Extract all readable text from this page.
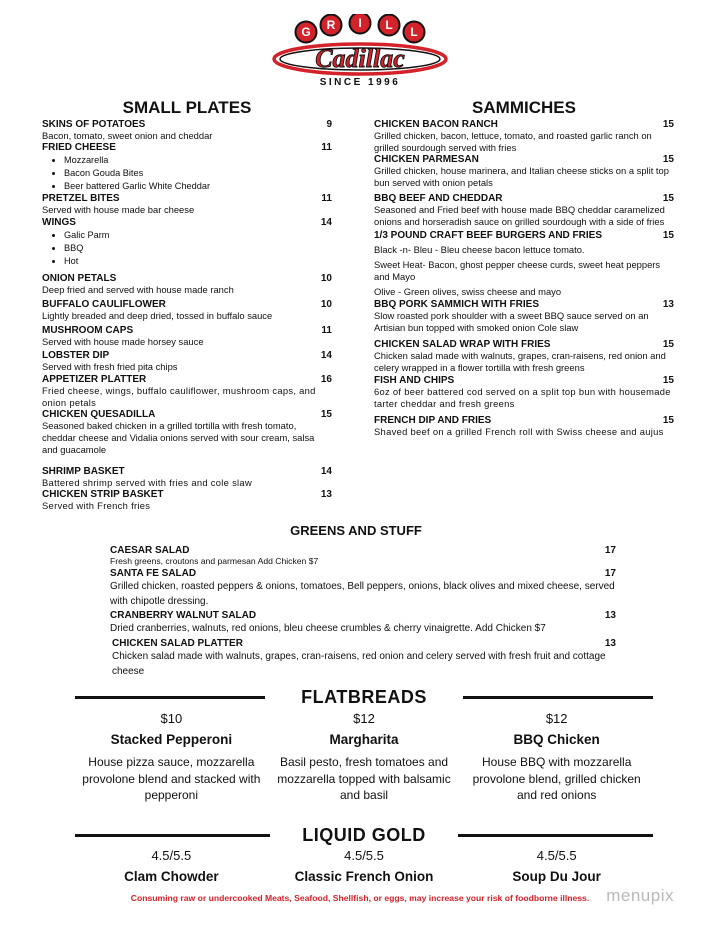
G R I L L
Cadillac
SINCE 1996
SMALL PLATES
SKINS OF POTATOES	9
Bacon, tomato, sweet onion and cheddar
FRIED CHEESE	11
• Mozzarella
• Bacon Gouda Bites
• Beer battered Garlic White Cheddar
PRETZEL BITES	11
Served with house made bar cheese
WINGS	14
• Galic Parm
• BBQ
• Hot
ONION PETALS	10
Deep fried and served with house made ranch
BUFFALO CAULIFLOWER	10
Lightly breaded and deep dried, tossed in buffalo sauce
MUSHROOM CAPS	11
Served with house made horsey sauce
LOBSTER DIP	14
Served with fresh fried pita chips
APPETIZER PLATTER	16
Fried cheese, wings, buffalo cauliflower, mushroom caps, and onion petals
CHICKEN QUESADILLA	15
Seasoned baked chicken in a grilled tortilla with fresh tomato, cheddar cheese and Vidalia onions served with sour cream, salsa and guacamole
SHRIMP BASKET	14
Battered shrimp served with fries and cole slaw
CHICKEN STRIP BASKET	13
Served with French fries
SAMMICHES
CHICKEN BACON RANCH	15
Grilled chicken, bacon, lettuce, tomato, and roasted garlic ranch on grilled sourdough served with fries
CHICKEN PARMESAN	15
Grilled chicken, house marinera, and Italian cheese sticks on a split top bun served with onion petals
BBQ BEEF AND CHEDDAR	15
Seasoned and Fried beef with house made BBQ cheddar caramelized onions and horseradish sauce on grilled sourdough with a side of fries
1/3 POUND CRAFT BEEF BURGERS AND FRIES	15
Black -n- Bleu - Bleu cheese bacon lettuce tomato.
Sweet Heat- Bacon, ghost pepper cheese curds, sweet heat peppers and Mayo
Olive - Green olives, swiss cheese and mayo
BBQ PORK SAMMICH WITH FRIES	13
Slow roasted pork shoulder with a sweet BBQ sauce served on an Artisian bun topped with smoked onion Cole slaw
CHICKEN SALAD WRAP WITH FRIES	15
Chicken salad made with walnuts, grapes, cran-raisens, red onion and celery wrapped in a flower tortilla with fresh greens
FISH AND CHIPS	15
6oz of beer battered cod served on a split top bun with housemade tarter cheddar and fresh greens
FRENCH DIP AND FRIES	15
Shaved beef on a grilled French roll with Swiss cheese and aujus
GREENS AND STUFF
CAESAR SALAD	17
Fresh greens, croutons and parmesan Add Chicken $7
SANTA FE SALAD	17
Grilled chicken, roasted peppers & onions, tomatoes, Bell peppers, onions, black olives and mixed cheese, served with chipotle dressing.
CRANBERRY WALNUT SALAD	13
Dried cranberries, walnuts, red onions, bleu cheese crumbles & cherry vinaigrette. Add Chicken $7
CHICKEN SALAD PLATTER	13
Chicken salad made with walnuts, grapes, cran-raisens, red onion and celery served with fresh fruit and cottage cheese
FLATBREADS
$10
Stacked Pepperoni
House pizza sauce, mozzarella provolone blend and stacked with pepperoni
$12
Margharita
Basil pesto, fresh tomatoes and mozzarella topped with balsamic and basil
$12
BBQ Chicken
House BBQ with mozzarella provolone blend, grilled chicken and red onions
LIQUID GOLD
4.5/5.5
Clam Chowder
4.5/5.5
Classic French Onion
4.5/5.5
Soup Du Jour
Consuming raw or undercooked Meats, Seafood, Shellfish, or eggs, may increase your risk of foodborne illness.	menupix
